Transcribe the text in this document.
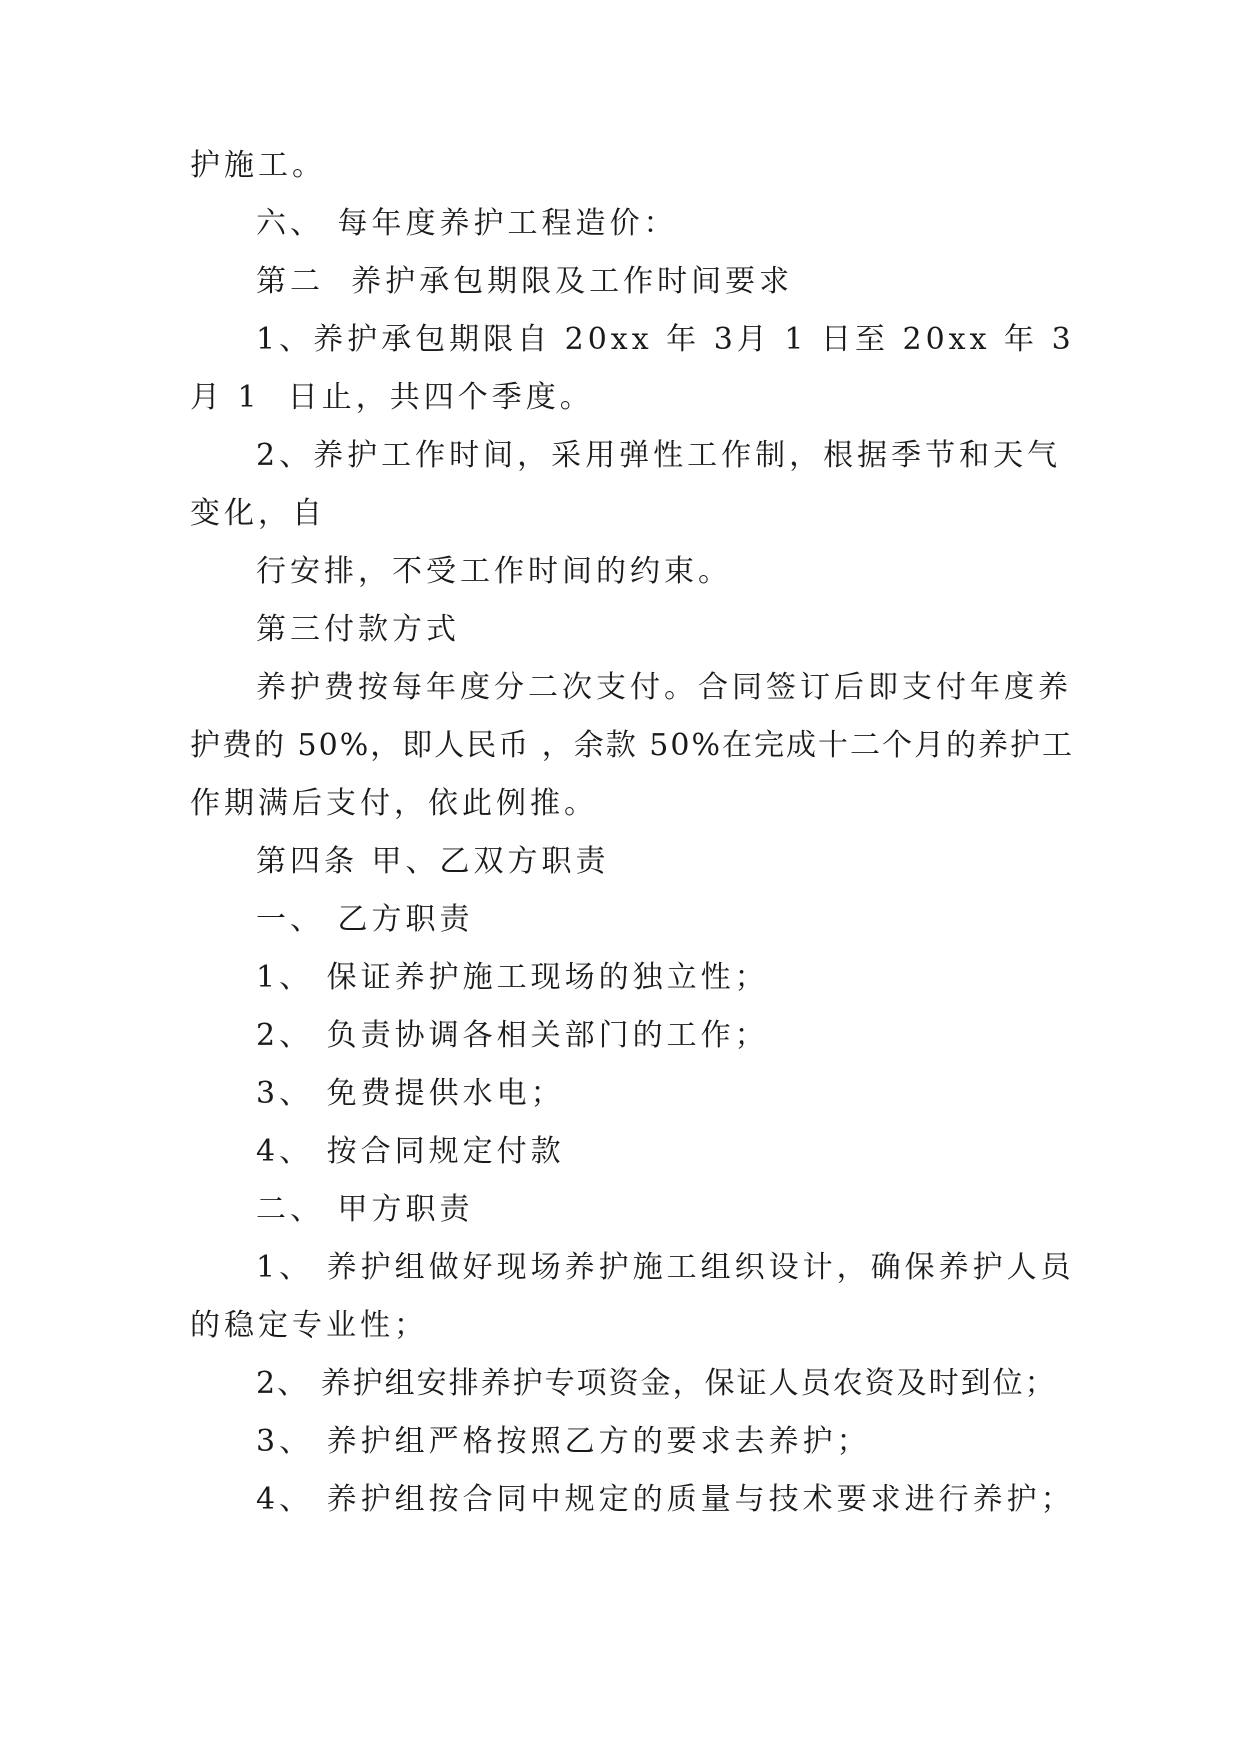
护施工。
六、 每年度养护工程造价：
第二  养护承包期限及工作时间要求
1、养护承包期限自 20xx 年 3月 1 日至 20xx 年 3
月 1  日止，共四个季度。
2、养护工作时间，采用弹性工作制，根据季节和天气
变化，自
行安排，不受工作时间的约束。
第三付款方式
养护费按每年度分二次支付。合同签订后即支付年度养
护费的 50%，即人民币 ，余款 50%在完成十二个月的养护工
作期满后支付，依此例推。
第四条 甲、乙双方职责
一、 乙方职责
1、 保证养护施工现场的独立性；
2、 负责协调各相关部门的工作；
3、 免费提供水电；
4、 按合同规定付款
二、 甲方职责
1、 养护组做好现场养护施工组织设计，确保养护人员
的稳定专业性；
2、 养护组安排养护专项资金，保证人员农资及时到位；
3、 养护组严格按照乙方的要求去养护；
4、 养护组按合同中规定的质量与技术要求进行养护；
